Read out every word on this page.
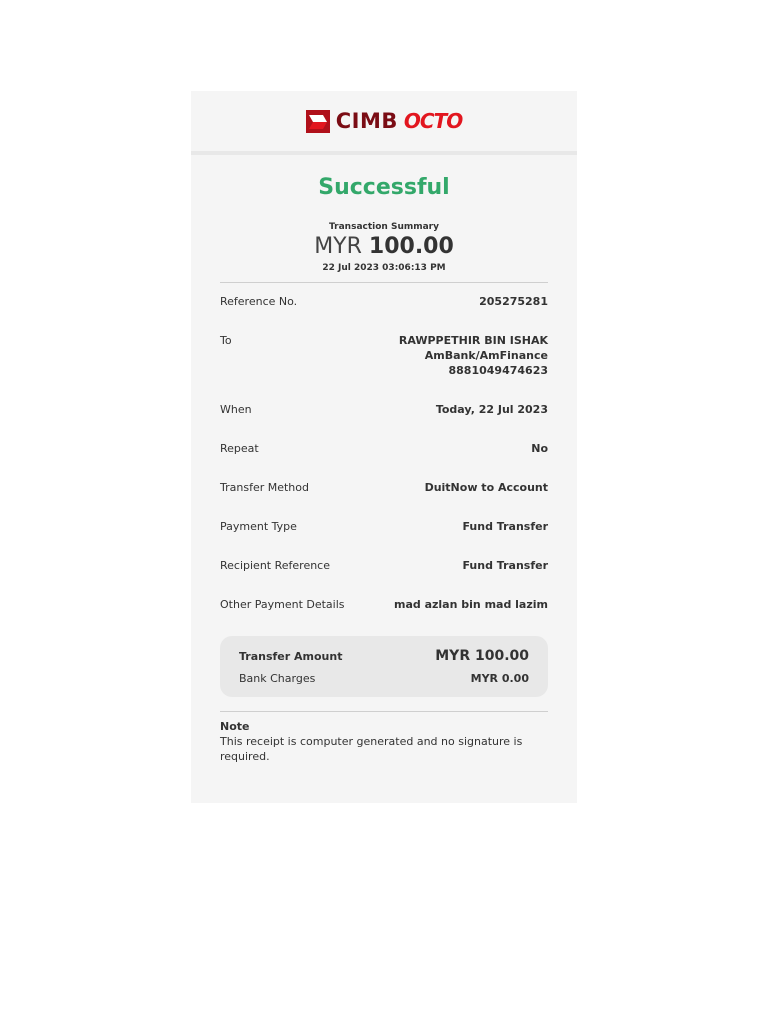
CIMB OCTO
Successful
Transaction Summary
MYR 100.00
22 Jul 2023 03:06:13 PM
Reference No.	205275281
To	RAWPPETHIR BIN ISHAK
AmBank/AmFinance
8881049474623
When	Today, 22 Jul 2023
Repeat	No
Transfer Method	DuitNow to Account
Payment Type	Fund Transfer
Recipient Reference	Fund Transfer
Other Payment Details	mad azlan bin mad lazim
Transfer Amount	MYR 100.00
Bank Charges	MYR 0.00
Note
This receipt is computer generated and no signature is required.
